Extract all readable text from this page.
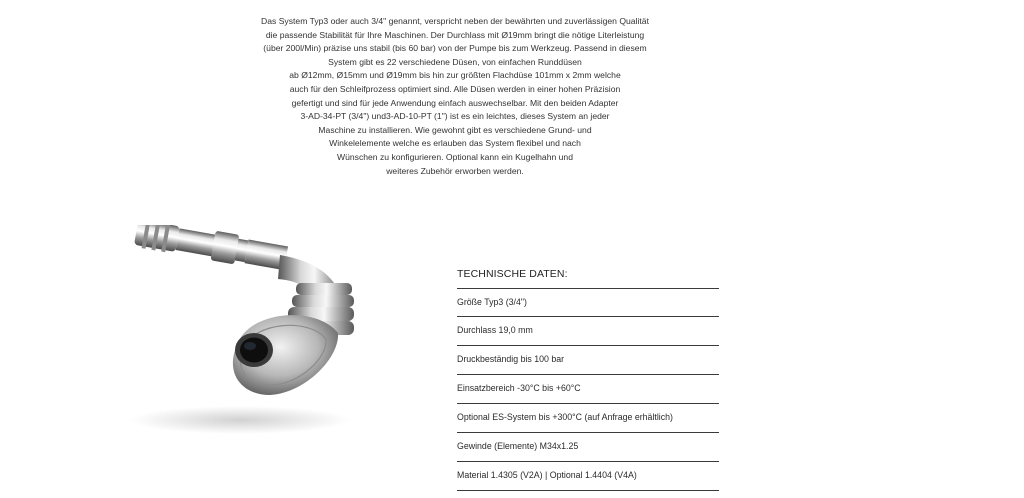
Das System Typ3 oder auch 3/4" genannt, verspricht neben der bewährten und zuverlässigen Qualität
die passende Stabilität für Ihre Maschinen. Der Durchlass mit Ø19mm bringt die nötige Literleistung
(über 200l/Min) präzise uns stabil (bis 60 bar) von der Pumpe bis zum Werkzeug. Passend in diesem
System gibt es 22 verschiedene Düsen, von einfachen Runddüsen
ab Ø12mm, Ø15mm und Ø19mm bis hin zur größten Flachdüse 101mm x 2mm welche
auch für den Schleifprozess optimiert sind. Alle Düsen werden in einer hohen Präzision
gefertigt und sind für jede Anwendung einfach auswechselbar. Mit den beiden Adapter
3-AD-34-PT (3/4") und3-AD-10-PT (1") ist es ein leichtes, dieses System an jeder
Maschine zu installieren. Wie gewohnt gibt es verschiedene Grund- und
Winkelelemente welche es erlauben das System flexibel und nach
Wünschen zu konfigurieren. Optional kann ein Kugelhahn und
weiteres Zubehör erworben werden.
TECHNISCHE DATEN:
Größe Typ3 (3/4")
Durchlass 19,0 mm
Druckbeständig bis 100 bar
Einsatzbereich -30°C bis +60°C
Optional ES-System bis +300°C (auf Anfrage erhältlich)
Gewinde (Elemente) M34x1.25
Material 1.4305 (V2A) | Optional 1.4404 (V4A)
